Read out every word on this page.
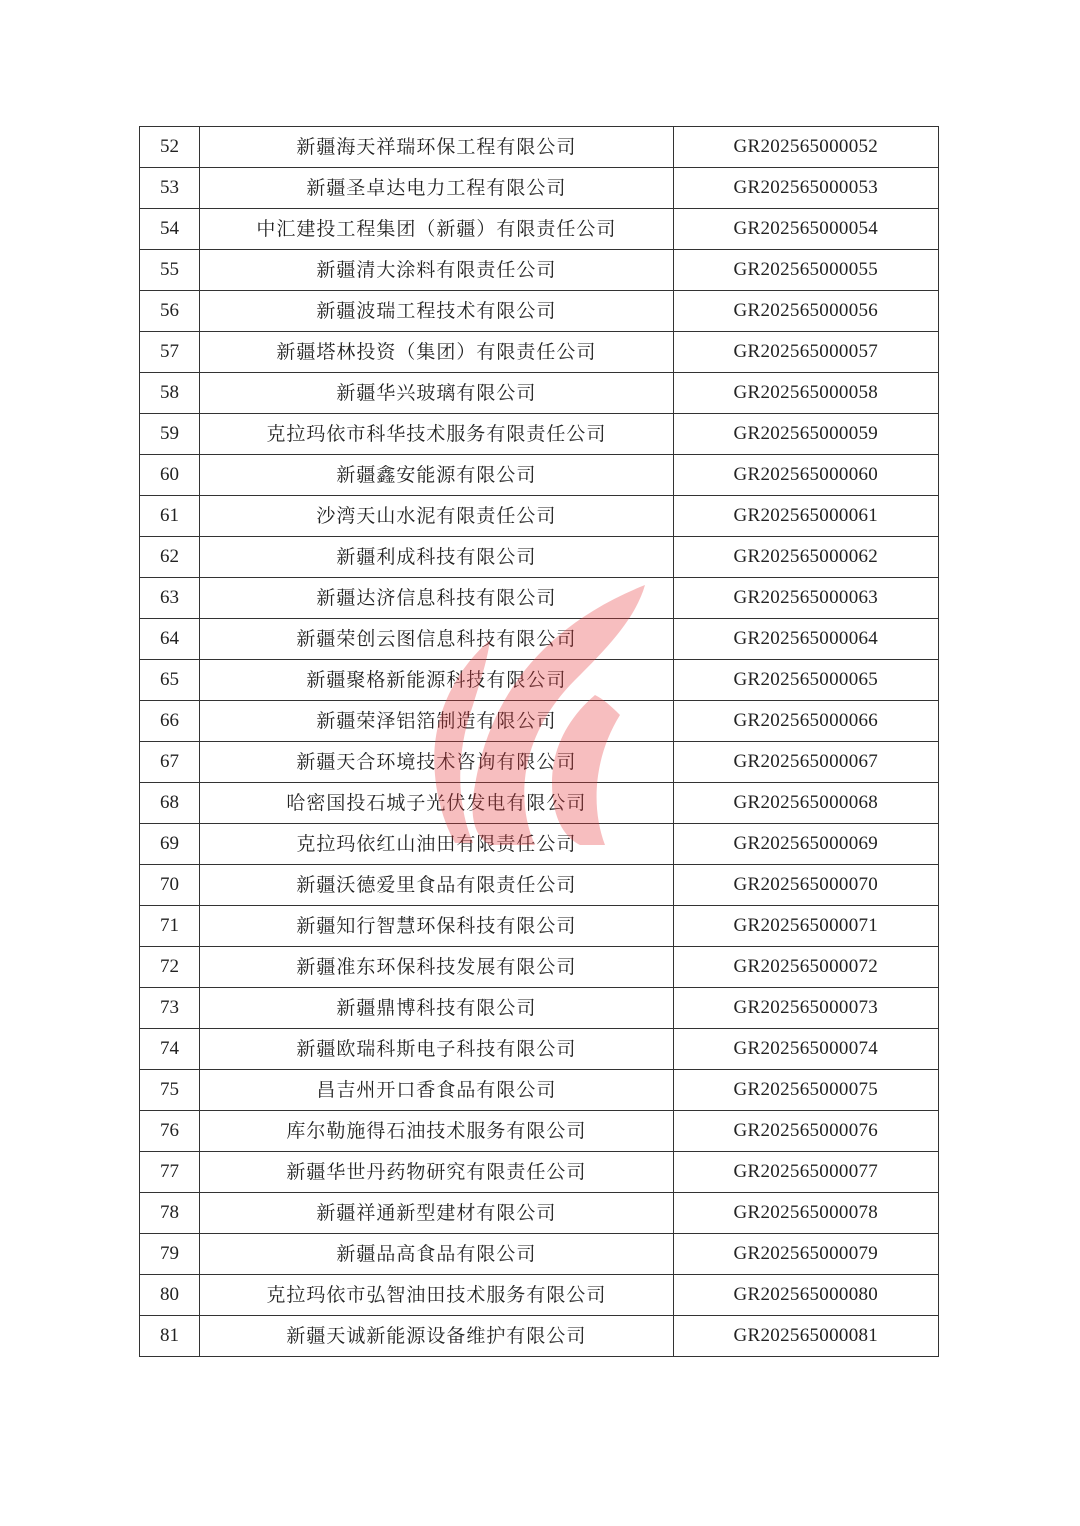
52	新疆海天祥瑞环保工程有限公司	GR202565000052
53	新疆圣卓达电力工程有限公司	GR202565000053
54	中汇建投工程集团（新疆）有限责任公司	GR202565000054
55	新疆清大涂料有限责任公司	GR202565000055
56	新疆波瑞工程技术有限公司	GR202565000056
57	新疆塔林投资（集团）有限责任公司	GR202565000057
58	新疆华兴玻璃有限公司	GR202565000058
59	克拉玛依市科华技术服务有限责任公司	GR202565000059
60	新疆鑫安能源有限公司	GR202565000060
61	沙湾天山水泥有限责任公司	GR202565000061
62	新疆利成科技有限公司	GR202565000062
63	新疆达济信息科技有限公司	GR202565000063
64	新疆荣创云图信息科技有限公司	GR202565000064
65	新疆聚格新能源科技有限公司	GR202565000065
66	新疆荣泽铝箔制造有限公司	GR202565000066
67	新疆天合环境技术咨询有限公司	GR202565000067
68	哈密国投石城子光伏发电有限公司	GR202565000068
69	克拉玛依红山油田有限责任公司	GR202565000069
70	新疆沃德爱里食品有限责任公司	GR202565000070
71	新疆知行智慧环保科技有限公司	GR202565000071
72	新疆准东环保科技发展有限公司	GR202565000072
73	新疆鼎博科技有限公司	GR202565000073
74	新疆欧瑞科斯电子科技有限公司	GR202565000074
75	昌吉州开口香食品有限公司	GR202565000075
76	库尔勒施得石油技术服务有限公司	GR202565000076
77	新疆华世丹药物研究有限责任公司	GR202565000077
78	新疆祥通新型建材有限公司	GR202565000078
79	新疆品高食品有限公司	GR202565000079
80	克拉玛依市弘智油田技术服务有限公司	GR202565000080
81	新疆天诚新能源设备维护有限公司	GR202565000081
